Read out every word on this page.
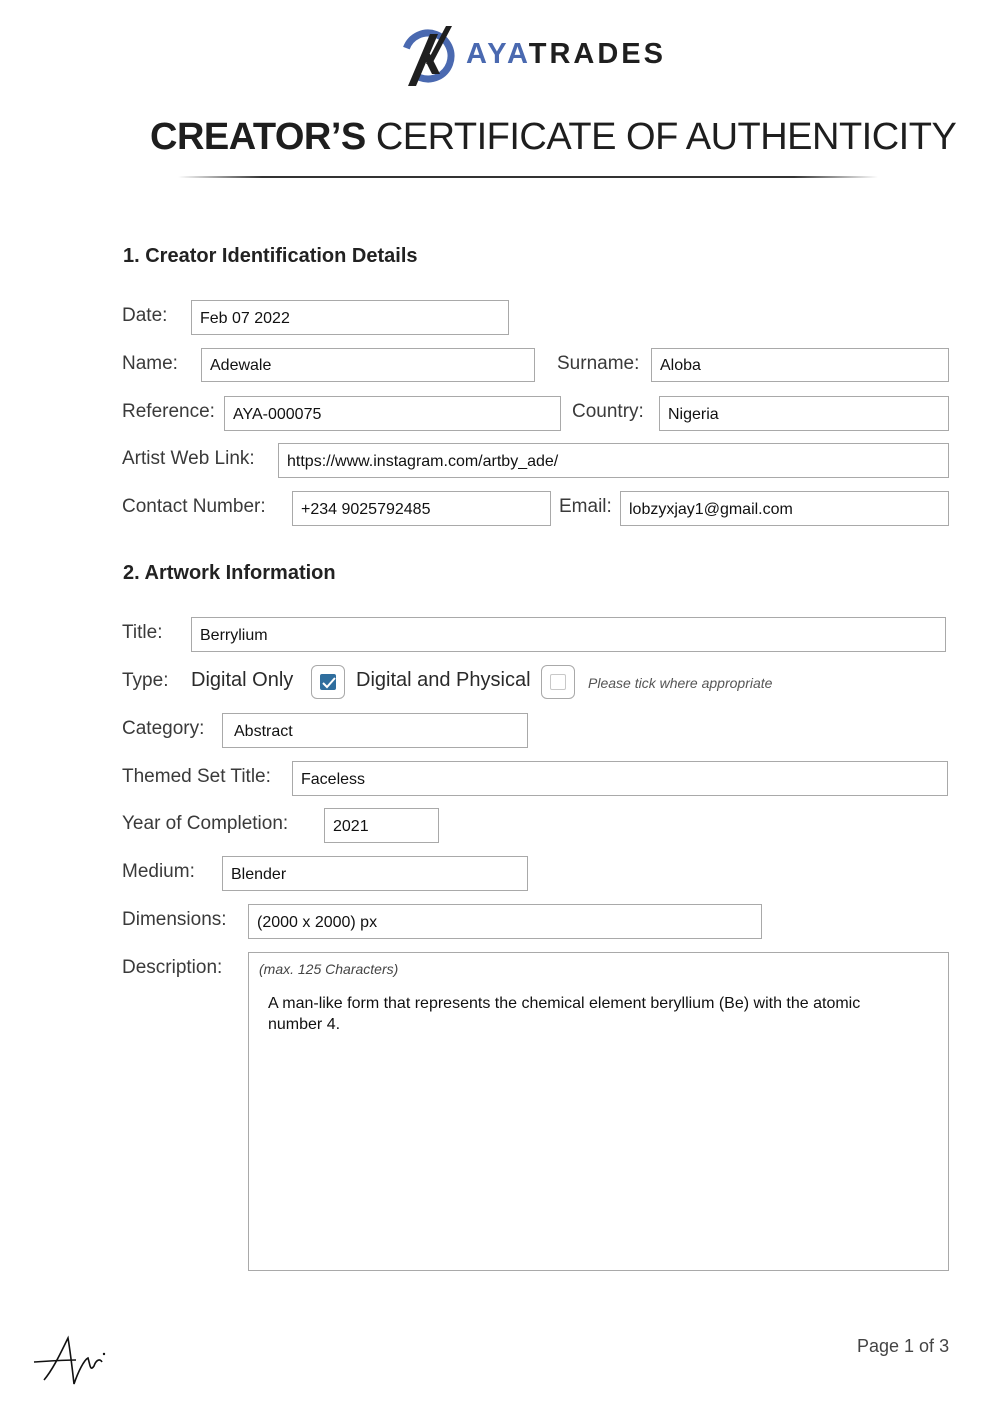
AYATRADES
CREATOR’S CERTIFICATE OF AUTHENTICITY
1. Creator Identification Details
Date: Feb 07 2022
Name: Adewale	Surname: Aloba
Reference: AYA-000075	Country: Nigeria
Artist Web Link: https://www.instagram.com/artby_ade/
Contact Number: +234 9025792485	Email: lobzyxjay1@gmail.com
2. Artwork Information
Title: Berrylium
Type: Digital Only	Digital and Physical	Please tick where appropriate
Category: Abstract
Themed Set Title: Faceless
Year of Completion:	2021
Medium: Blender
Dimensions: (2000 x 2000) px
Description:	(max. 125 Characters)
A man-like form that represents the chemical element beryllium (Be) with the atomic number 4.
Page 1 of 3
